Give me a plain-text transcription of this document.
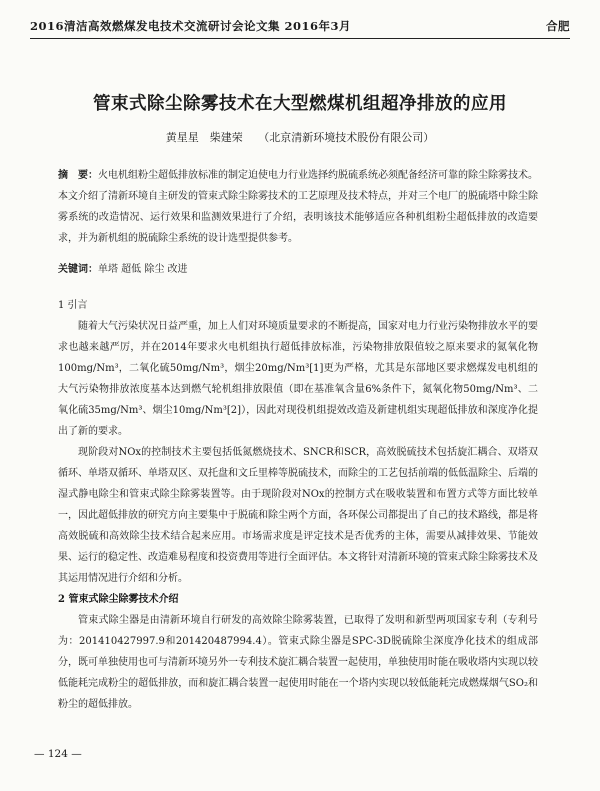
2016清洁高效燃煤发电技术交流研讨会论文集 2016年3月	合肥
管束式除尘除雾技术在大型燃煤机组超净排放的应用
黄星星　柴建荣 （北京清新环境技术股份有限公司）
摘　要：火电机组粉尘超低排放标准的制定迫使电力行业选择约脱硫系统必须配备经济可靠的除尘除雾技术。本文介绍了清新环境自主研发的管束式除尘除雾技术的工艺原理及技术特点，并对三个电厂的脱硫塔中除尘除雾系统的改造情况、运行效果和监测效果进行了介绍，表明该技术能够适应各种机组粉尘超低排放的改造要求，并为新机组的脱硫除尘系统的设计选型提供参考。
关键词：单塔 超低 除尘 改进
1 引言

随着大气污染状况日益严重，加上人们对环境质量要求的不断提高，国家对电力行业污染物排放水平的要求也越来越严厉，并在2014年要求火电机组执行超低排放标准，污染物排放限值较之原来要求的氮氧化物100mg/Nm³，二氧化硫50mg/Nm³，烟尘20mg/Nm³[1]更为严格，尤其是东部地区要求燃煤发电机组的大气污染物排放浓度基本达到燃气轮机组排放限值（即在基准氧含量6%条件下，氮氧化物50mg/Nm³、二氧化硫35mg/Nm³、烟尘10mg/Nm³[2]），因此对现役机组提效改造及新建机组实现超低排放和深度净化提出了新的要求。

现阶段对NOx的控制技术主要包括低氮燃烧技术、SNCR和SCR，高效脱硫技术包括旋汇耦合、双塔双循环、单塔双循环、单塔双区、双托盘和文丘里棒等脱硫技术，而除尘的工艺包括前端的低低温除尘、后端的湿式静电除尘和管束式除尘除雾装置等。由于现阶段对NOx的控制方式在吸收装置和布置方式等方面比较单一，因此超低排放的研究方向主要集中于脱硫和除尘两个方面，各环保公司都提出了自己的技术路线，都是将高效脱硫和高效除尘技术结合起来应用。市场需求度是评定技术是否优秀的主体，需要从减排效果、节能效果、运行的稳定性、改造难易程度和投资费用等进行全面评估。本文将针对清新环境的管束式除尘除雾技术及其运用情况进行介绍和分析。

2 管束式除尘除雾技术介绍

管束式除尘器是由清新环境自行研发的高效除尘除雾装置，已取得了发明和新型两项国家专利（专利号为：201410427997.9和201420487994.4）。管束式除尘器是SPC-3D脱硫除尘深度净化技术的组成部分，既可单独使用也可与清新环境另外一专利技术旋汇耦合装置一起使用，单独使用时能在吸收塔内实现以较低能耗完成粉尘的超低排放，而和旋汇耦合装置一起使用时能在一个塔内实现以较低能耗完成燃煤烟气SO₂和粉尘的超低排放。

— 124 —
